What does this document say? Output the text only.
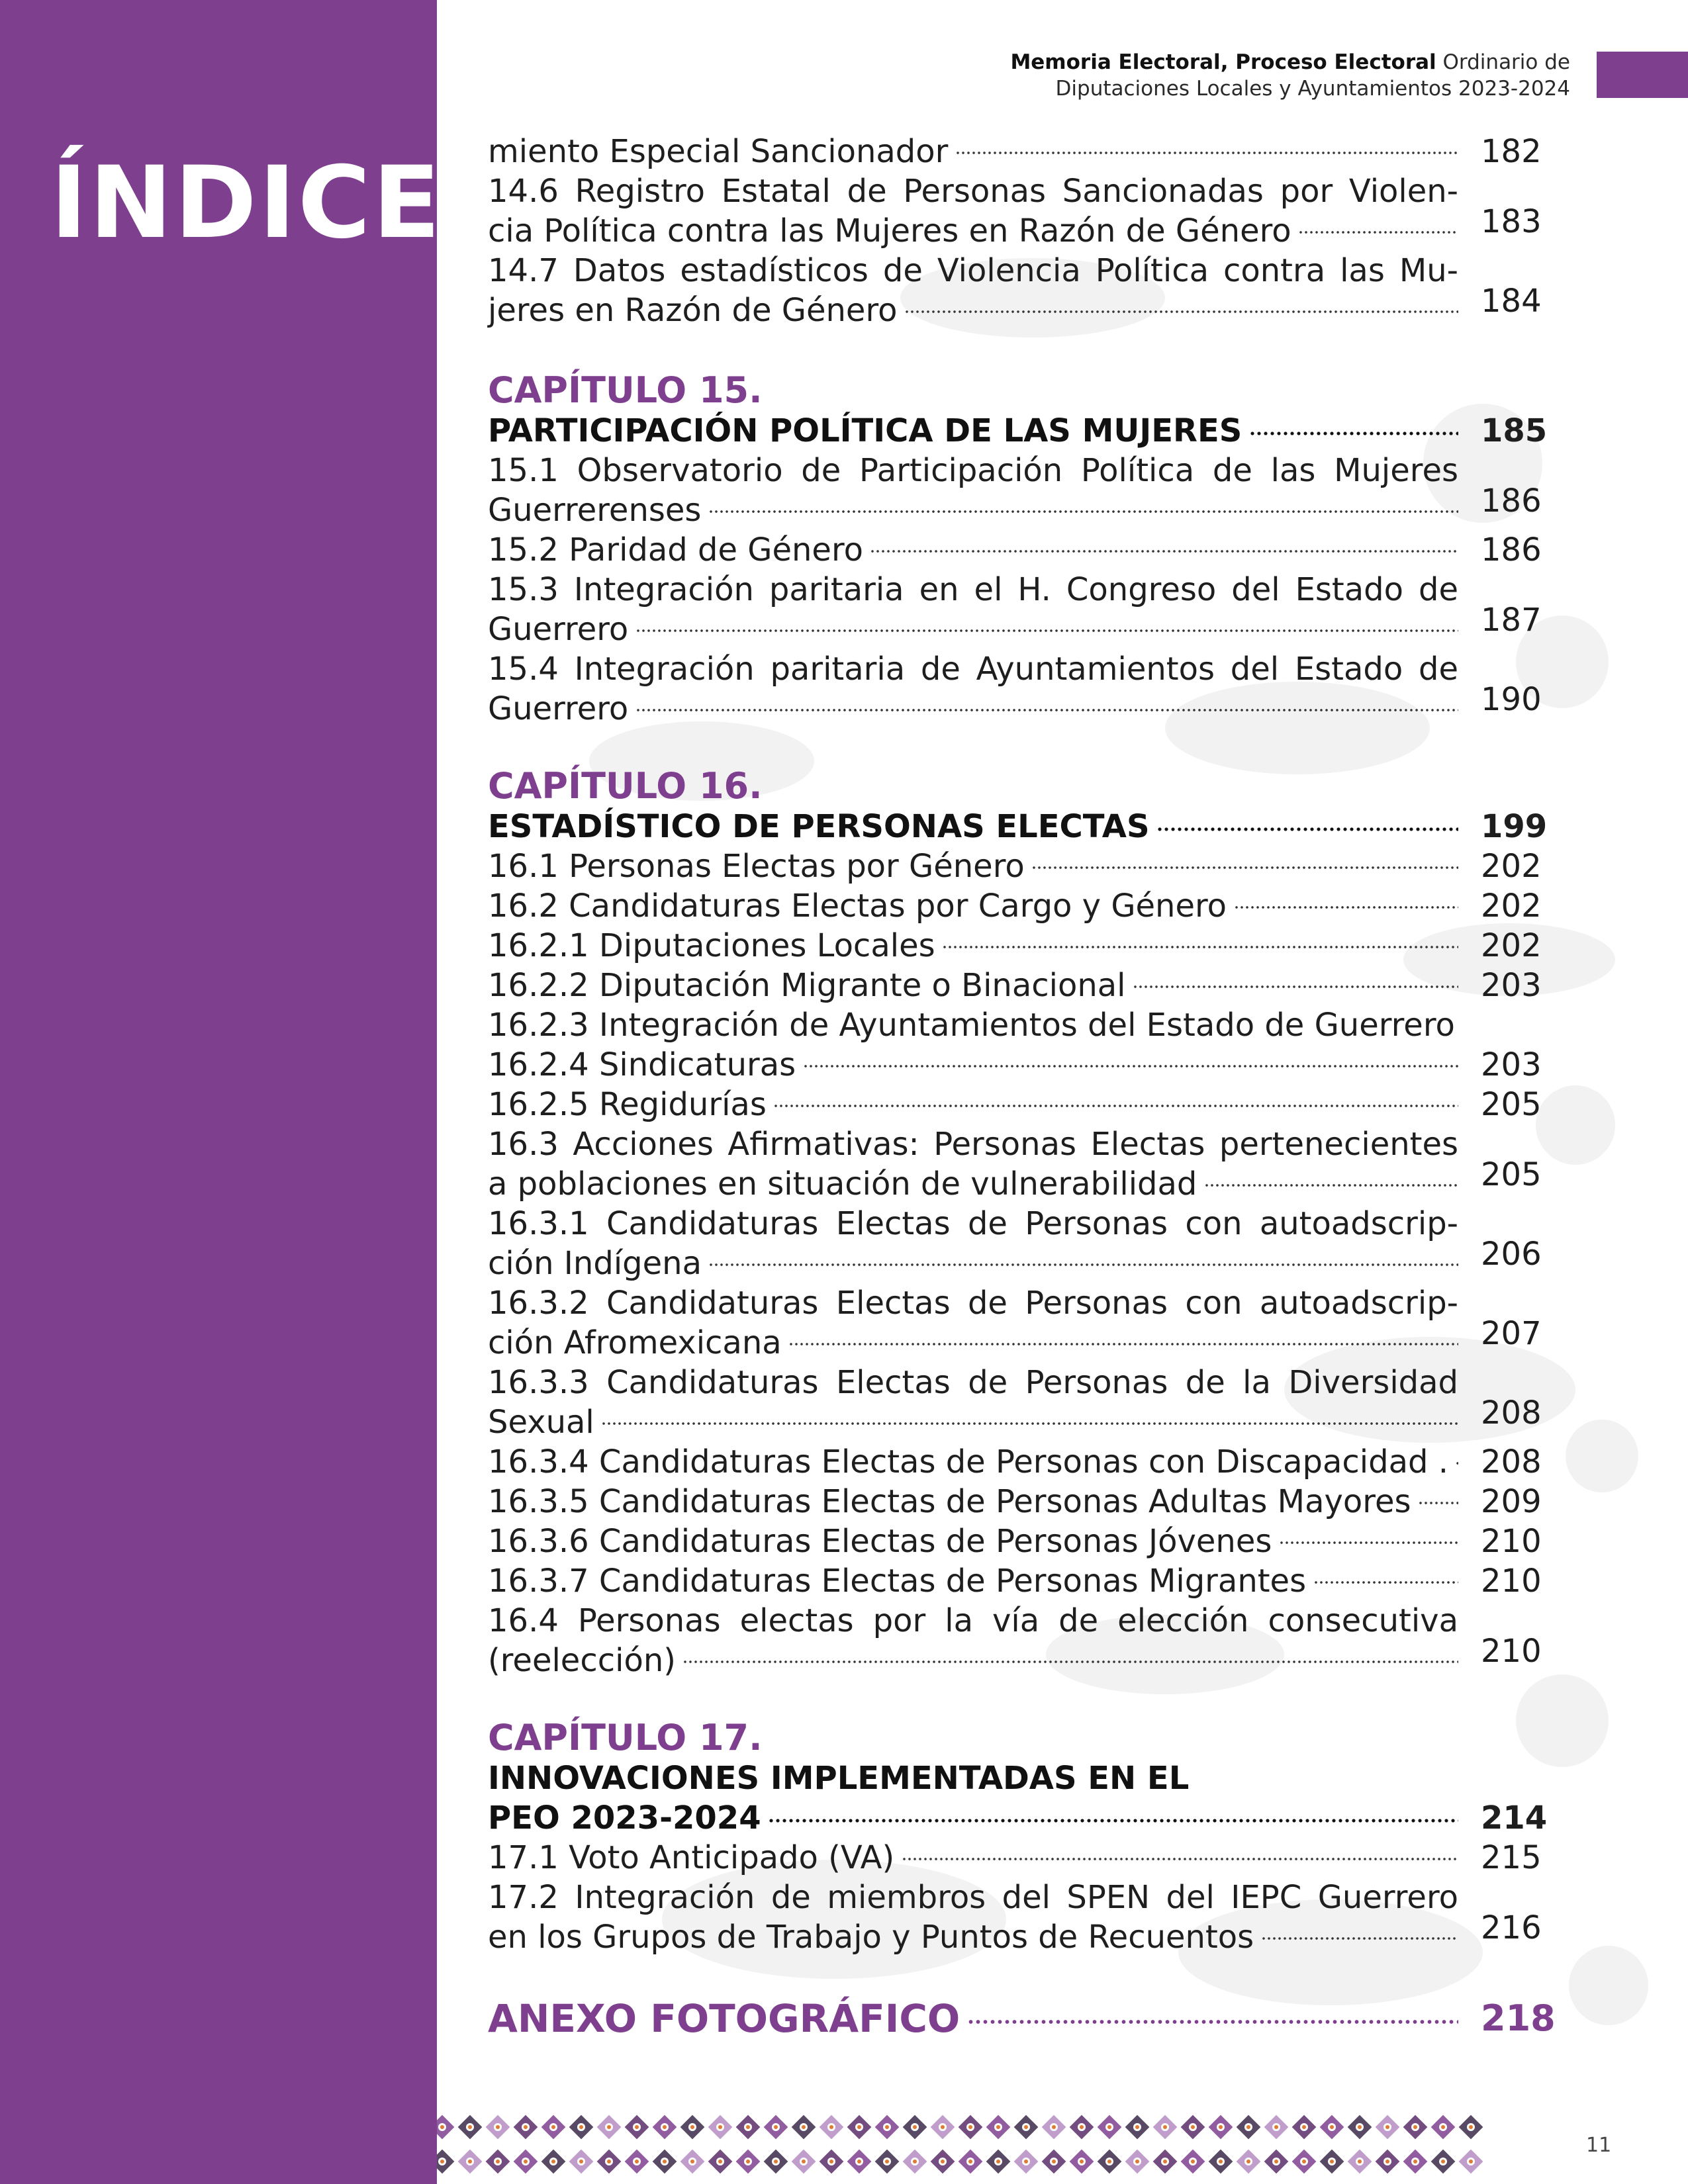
ÍNDICE
Memoria Electoral, Proceso Electoral Ordinario de
Diputaciones Locales y Ayuntamientos 2023-2024
miento Especial Sancionador	182
14.6 Registro Estatal de Personas Sancionadas por Violen-
cia Política contra las Mujeres en Razón de Género	183
14.7 Datos estadísticos de Violencia Política contra las Mu-
jeres en Razón de Género	184
CAPÍTULO 15.
PARTICIPACIÓN POLÍTICA DE LAS MUJERES	185
15.1 Observatorio de Participación Política de las Mujeres
Guerrerenses	186
15.2 Paridad de Género	186
15.3 Integración paritaria en el H. Congreso del Estado de
Guerrero	187
15.4 Integración paritaria de Ayuntamientos del Estado de
Guerrero	190
CAPÍTULO 16.
ESTADÍSTICO DE PERSONAS ELECTAS	199
16.1 Personas Electas por Género	202
16.2 Candidaturas Electas por Cargo y Género	202
16.2.1 Diputaciones Locales	202
16.2.2 Diputación Migrante o Binacional	203
16.2.3 Integración de Ayuntamientos del Estado de Guerrero
16.2.4 Sindicaturas	203
16.2.5 Regidurías	205
16.3 Acciones Afirmativas: Personas Electas pertenecientes
a poblaciones en situación de vulnerabilidad	205
16.3.1 Candidaturas Electas de Personas con autoadscrip-
ción Indígena	206
16.3.2 Candidaturas Electas de Personas con autoadscrip-
ción Afromexicana	207
16.3.3 Candidaturas Electas de Personas de la Diversidad
Sexual	208
16.3.4 Candidaturas Electas de Personas con Discapacidad . 208
16.3.5 Candidaturas Electas de Personas Adultas Mayores 209
16.3.6 Candidaturas Electas de Personas Jóvenes	210
16.3.7 Candidaturas Electas de Personas Migrantes	210
16.4 Personas electas por la vía de elección consecutiva
(reelección)	210
CAPÍTULO 17.
INNOVACIONES IMPLEMENTADAS EN EL
PEO 2023-2024	214
17.1 Voto Anticipado (VA)	215
17.2 Integración de miembros del SPEN del IEPC Guerrero
en los Grupos de Trabajo y Puntos de Recuentos	216
ANEXO FOTOGRÁFICO	218
11
